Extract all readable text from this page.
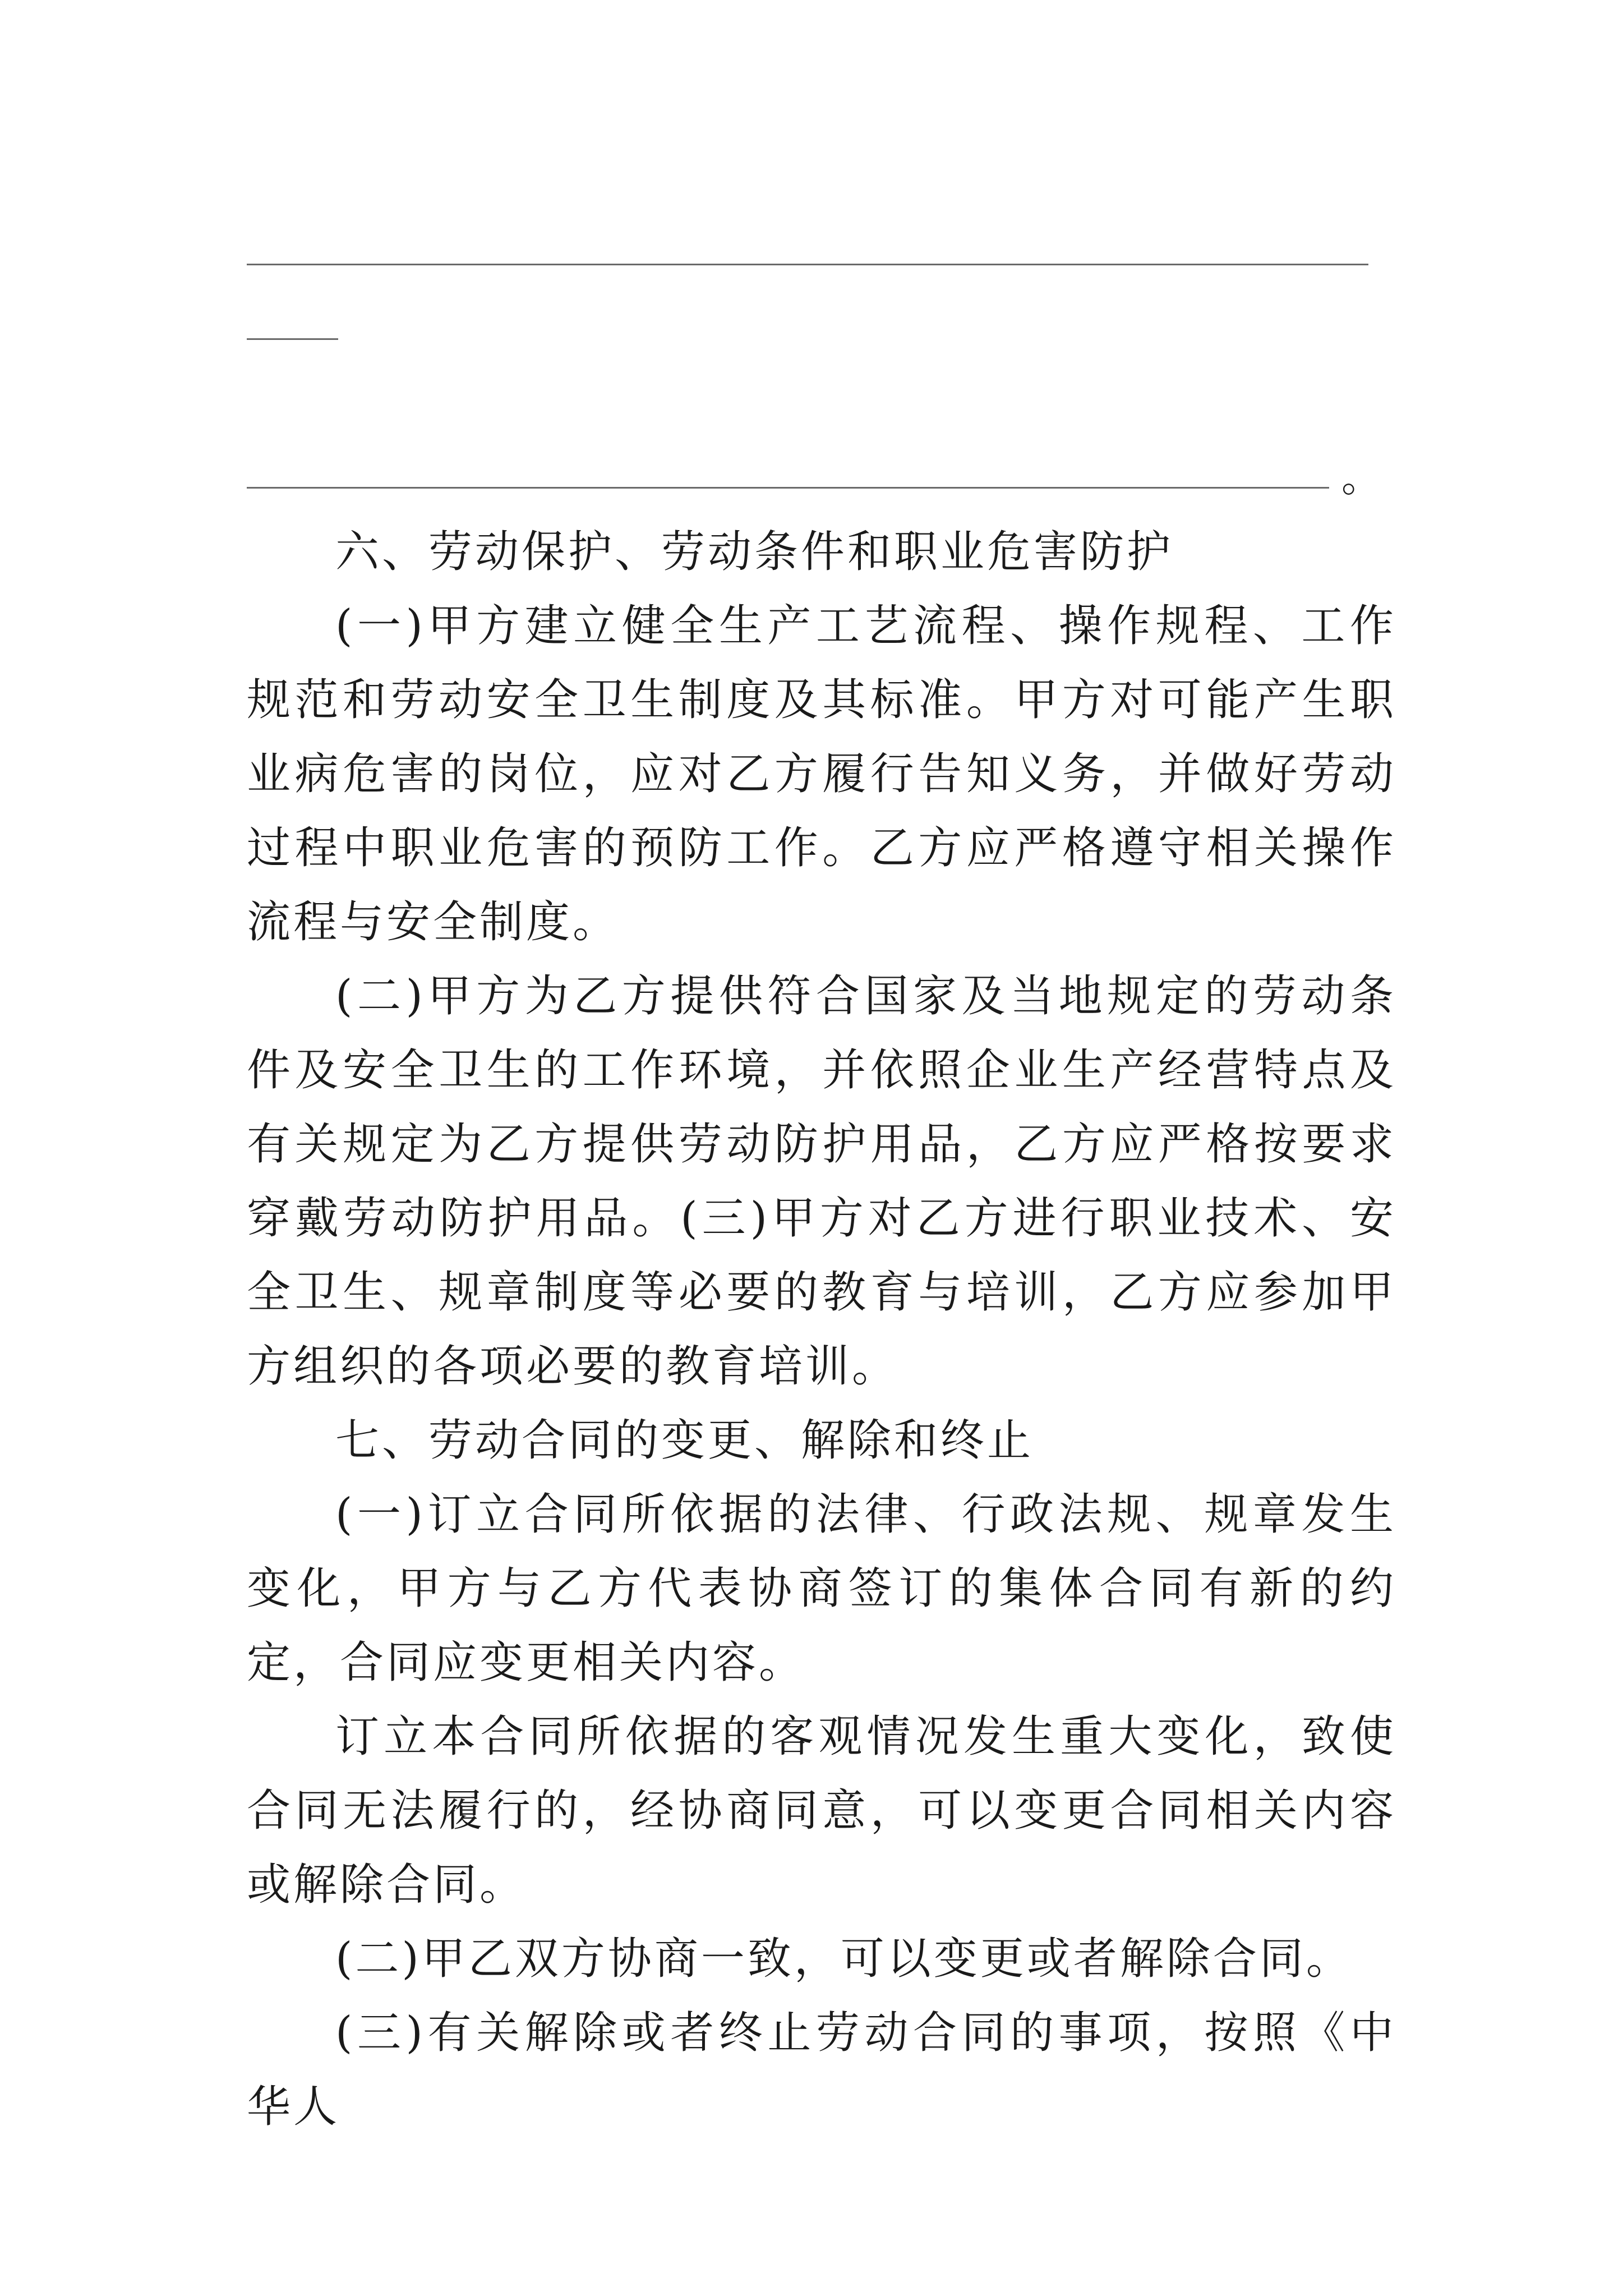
。

六、劳动保护、劳动条件和职业危害防护

(一)甲方建立健全生产工艺流程、操作规程、工作规范和劳动安全卫生制度及其标准。甲方对可能产生职业病危害的岗位，应对乙方履行告知义务，并做好劳动过程中职业危害的预防工作。乙方应严格遵守相关操作流程与安全制度。

(二)甲方为乙方提供符合国家及当地规定的劳动条件及安全卫生的工作环境，并依照企业生产经营特点及有关规定为乙方提供劳动防护用品，乙方应严格按要求穿戴劳动防护用品。(三)甲方对乙方进行职业技术、安全卫生、规章制度等必要的教育与培训，乙方应参加甲方组织的各项必要的教育培训。

七、劳动合同的变更、解除和终止

(一)订立合同所依据的法律、行政法规、规章发生变化，甲方与乙方代表协商签订的集体合同有新的约定，合同应变更相关内容。

订立本合同所依据的客观情况发生重大变化，致使合同无法履行的，经协商同意，可以变更合同相关内容或解除合同。

(二)甲乙双方协商一致，可以变更或者解除合同。

(三)有关解除或者终止劳动合同的事项，按照《中华人
